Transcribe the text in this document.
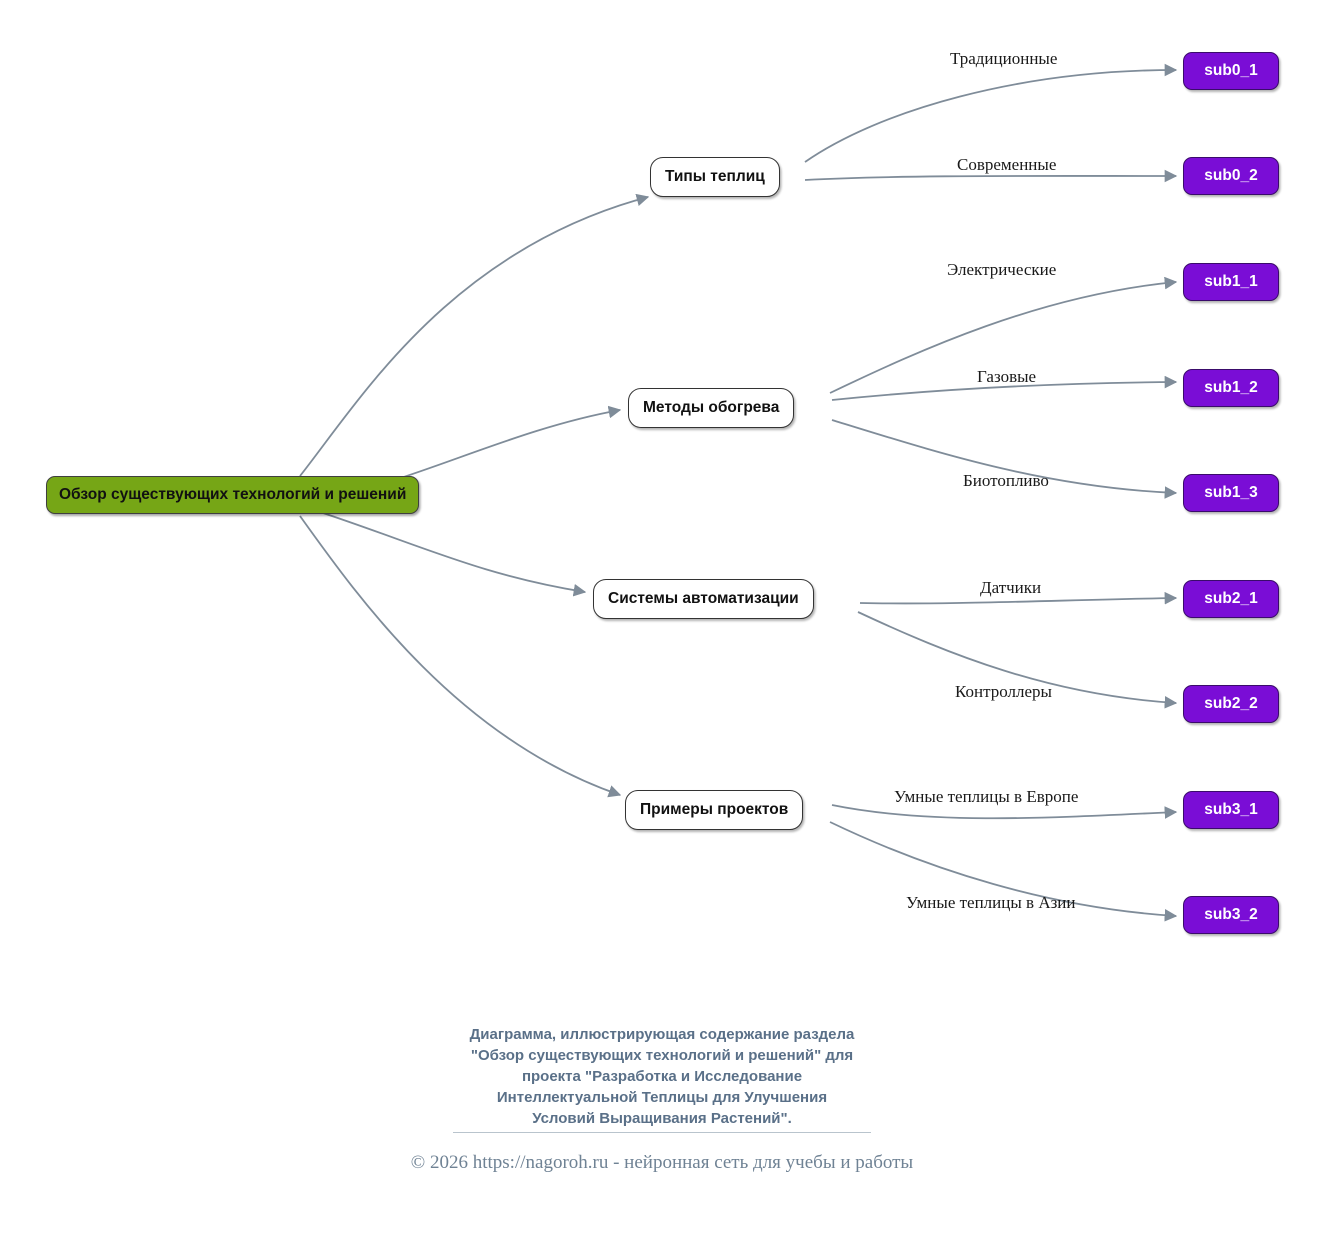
Обзор существующих технологий и решений
Типы теплиц
Методы обогрева
Системы автоматизации
Примеры проектов
sub0_1
sub0_2
sub1_1
sub1_2
sub1_3
sub2_1
sub2_2
sub3_1
sub3_2
Традиционные
Современные
Электрические
Газовые
Биотопливо
Датчики
Контроллеры
Умные теплицы в Европе
Умные теплицы в Азии
Диаграмма, иллюстрирующая содержание раздела
"Обзор существующих технологий и решений" для
проекта "Разработка и Исследование
Интеллектуальной Теплицы для Улучшения
Условий Выращивания Растений".
© 2026 https://nagoroh.ru - нейронная сеть для учебы и работы
